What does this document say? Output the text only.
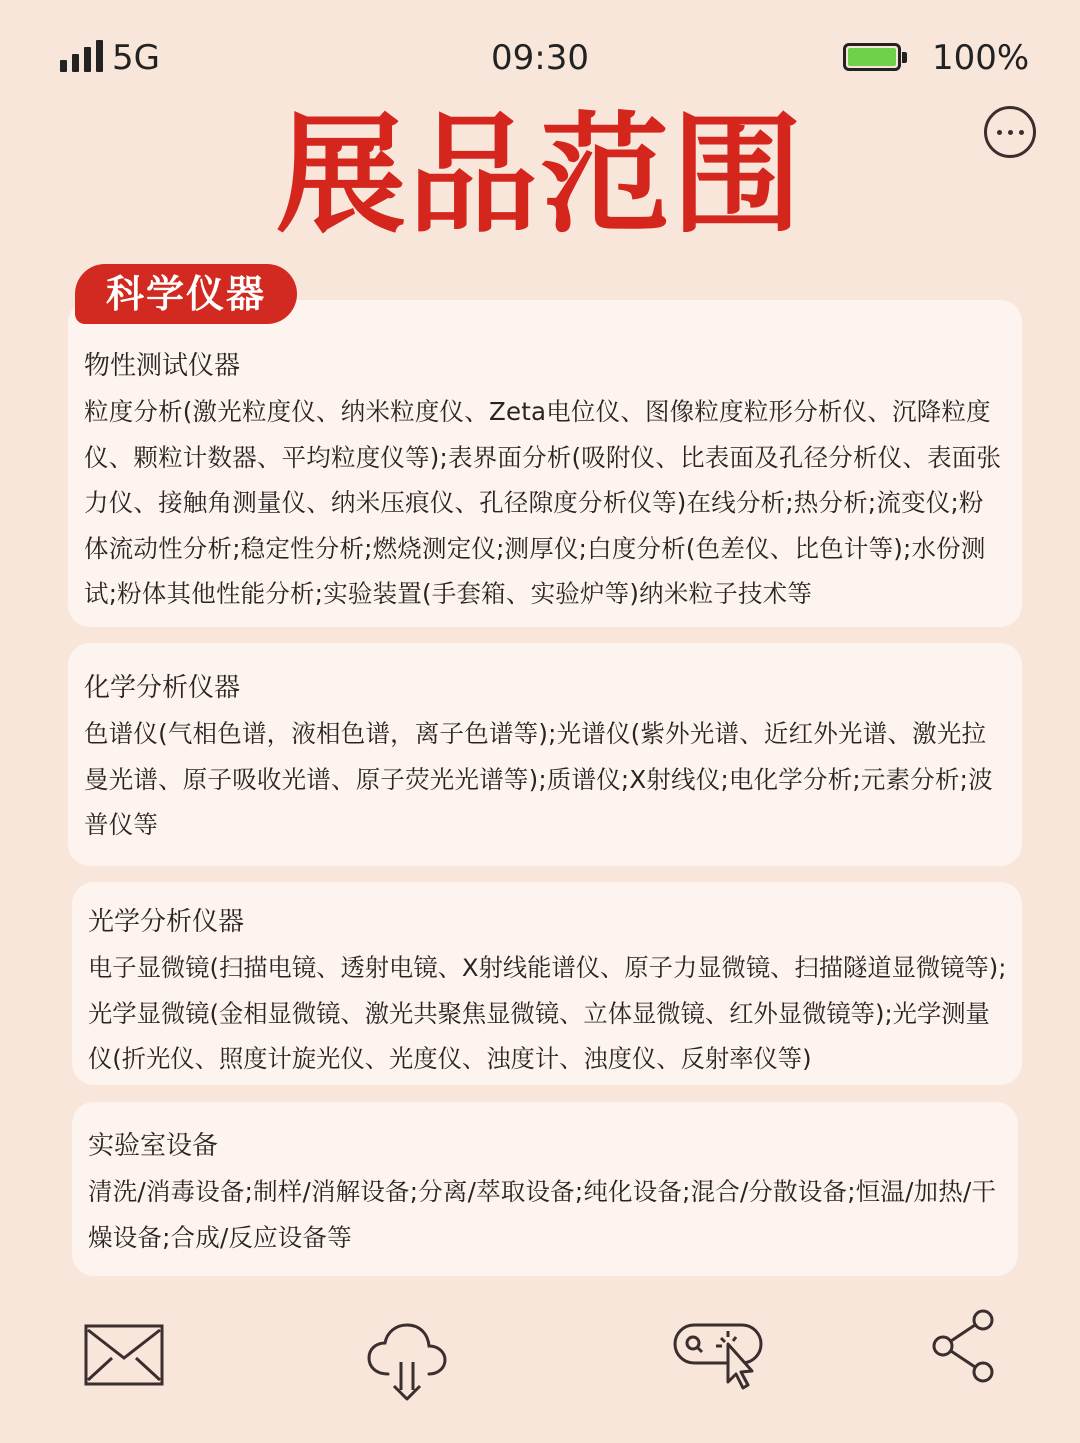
5G	09:30	100%
展品范围
科学仪器
物性测试仪器
粒度分析(激光粒度仪、纳米粒度仪、Zeta电位仪、图像粒度粒形分析仪、沉降粒度仪、颗粒计数器、平均粒度仪等);表界面分析(吸附仪、比表面及孔径分析仪、表面张力仪、接触角测量仪、纳米压痕仪、孔径隙度分析仪等)在线分析;热分析;流变仪;粉体流动性分析;稳定性分析;燃烧测定仪;测厚仪;白度分析(色差仪、比色计等);水份测试;粉体其他性能分析;实验装置(手套箱、实验炉等)纳米粒子技术等
化学分析仪器
色谱仪(气相色谱，液相色谱，离子色谱等);光谱仪(紫外光谱、近红外光谱、激光拉曼光谱、原子吸收光谱、原子荧光光谱等);质谱仪;X射线仪;电化学分析;元素分析;波普仪等
光学分析仪器
电子显微镜(扫描电镜、透射电镜、X射线能谱仪、原子力显微镜、扫描隧道显微镜等);光学显微镜(金相显微镜、激光共聚焦显微镜、立体显微镜、红外显微镜等);光学测量仪(折光仪、照度计旋光仪、光度仪、浊度计、浊度仪、反射率仪等)
实验室设备
清洗/消毒设备;制样/消解设备;分离/萃取设备;纯化设备;混合/分散设备;恒温/加热/干燥设备;合成/反应设备等
